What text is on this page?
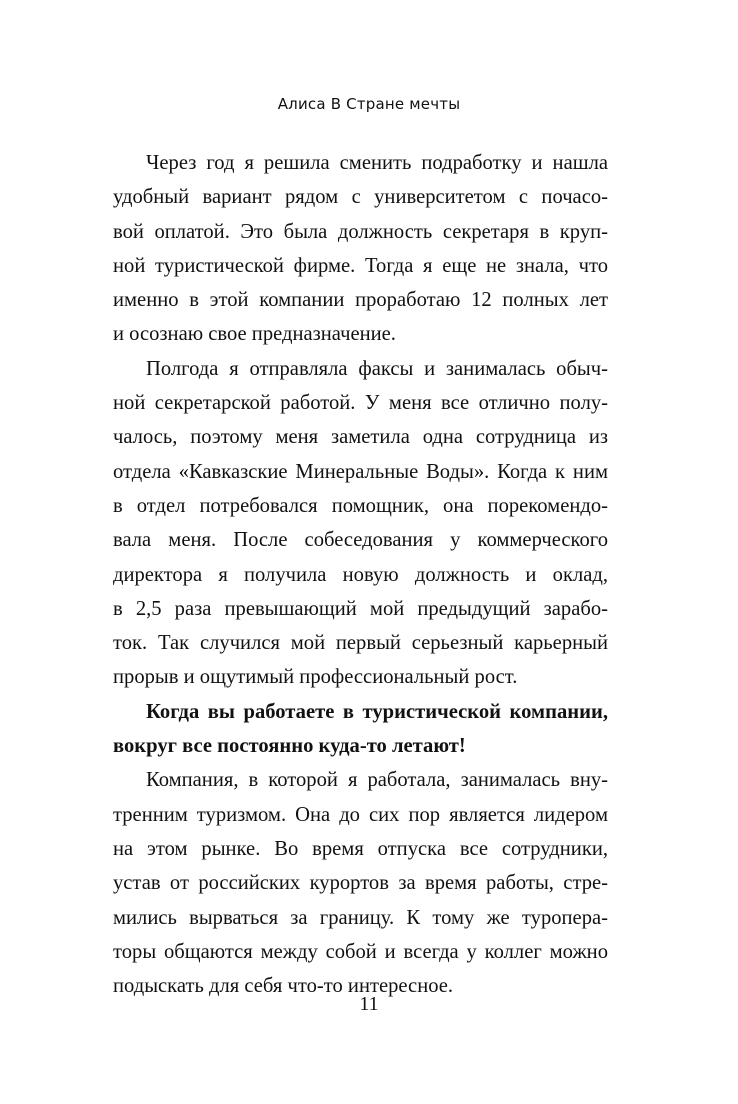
Алиса В Стране мечты
Через год я решила сменить подработку и нашла
удобный вариант рядом с университетом с почасо-
вой оплатой. Это была должность секретаря в круп-
ной туристической фирме. Тогда я еще не знала, что
именно в этой компании проработаю 12 полных лет
и осознаю свое предназначение.
Полгода я отправляла факсы и занималась обыч-
ной секретарской работой. У меня все отлично полу-
чалось, поэтому меня заметила одна сотрудница из
отдела «Кавказские Минеральные Воды». Когда к ним
в отдел потребовался помощник, она порекомендо-
вала меня. После собеседования у коммерческого
директора я получила новую должность и оклад,
в 2,5 раза превышающий мой предыдущий зарабо-
ток. Так случился мой первый серьезный карьерный
прорыв и ощутимый профессиональный рост.
Когда вы работаете в туристической компании,
вокруг все постоянно куда-то летают!
Компания, в которой я работала, занималась вну-
тренним туризмом. Она до сих пор является лидером
на этом рынке. Во время отпуска все сотрудники,
устав от российских курортов за время работы, стре-
мились вырваться за границу. К тому же туропера-
торы общаются между собой и всегда у коллег можно
подыскать для себя что-то интересное.
11
